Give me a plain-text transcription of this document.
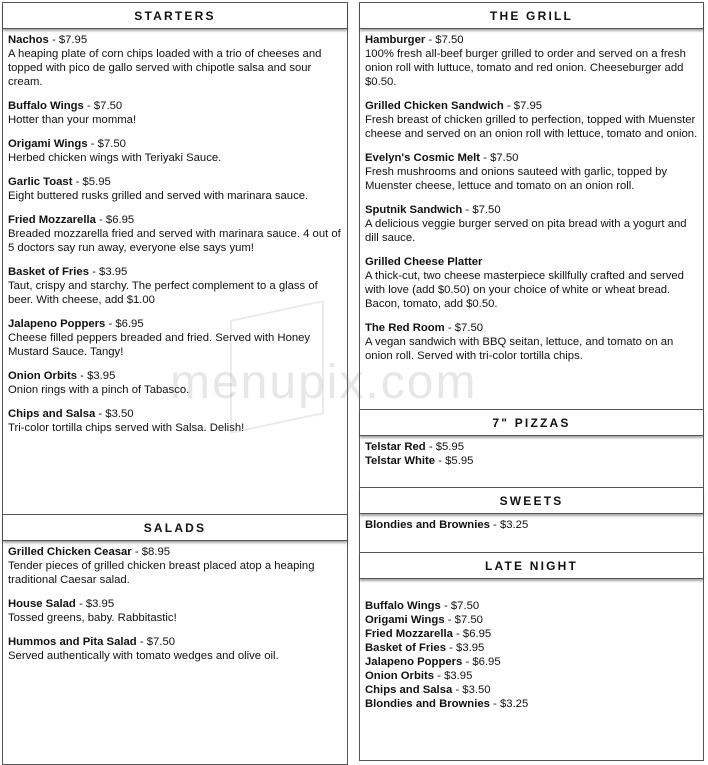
STARTERS
Nachos - $7.95
A heaping plate of corn chips loaded with a trio of cheeses and topped with pico de gallo served with chipotle salsa and sour cream.
Buffalo Wings - $7.50
Hotter than your momma!
Origami Wings - $7.50
Herbed chicken wings with Teriyaki Sauce.
Garlic Toast - $5.95
Eight buttered rusks grilled and served with marinara sauce.
Fried Mozzarella - $6.95
Breaded mozzarella fried and served with marinara sauce. 4 out of 5 doctors say run away, everyone else says yum!
Basket of Fries - $3.95
Taut, crispy and starchy. The perfect complement to a glass of beer. With cheese, add $1.00
Jalapeno Poppers - $6.95
Cheese filled peppers breaded and fried. Served with Honey Mustard Sauce. Tangy!
Onion Orbits - $3.95
Onion rings with a pinch of Tabasco.
Chips and Salsa - $3.50
Tri-color tortilla chips served with Salsa. Delish!
SALADS
Grilled Chicken Ceasar - $8.95
Tender pieces of grilled chicken breast placed atop a heaping traditional Caesar salad.
House Salad - $3.95
Tossed greens, baby. Rabbitastic!
Hummos and Pita Salad - $7.50
Served authentically with tomato wedges and olive oil.
THE GRILL
Hamburger - $7.50
100% fresh all-beef burger grilled to order and served on a fresh onion roll with luttuce, tomato and red onion. Cheeseburger add $0.50.
Grilled Chicken Sandwich - $7.95
Fresh breast of chicken grilled to perfection, topped with Muenster cheese and served on an onion roll with lettuce, tomato and onion.
Evelyn's Cosmic Melt - $7.50
Fresh mushrooms and onions sauteed with garlic, topped by Muenster cheese, lettuce and tomato on an onion roll.
Sputnik Sandwich - $7.50
A delicious veggie burger served on pita bread with a yogurt and dill sauce.
Grilled Cheese Platter
A thick-cut, two cheese masterpiece skillfully crafted and served with love (add $0.50) on your choice of white or wheat bread. Bacon, tomato, add $0.50.
The Red Room - $7.50
A vegan sandwich with BBQ seitan, lettuce, and tomato on an onion roll. Served with tri-color tortilla chips.
7" PIZZAS
Telstar Red - $5.95
Telstar White - $5.95
SWEETS
Blondies and Brownies - $3.25
LATE NIGHT
Buffalo Wings - $7.50
Origami Wings - $7.50
Fried Mozzarella - $6.95
Basket of Fries - $3.95
Jalapeno Poppers - $6.95
Onion Orbits - $3.95
Chips and Salsa - $3.50
Blondies and Brownies - $3.25
menupix.com
